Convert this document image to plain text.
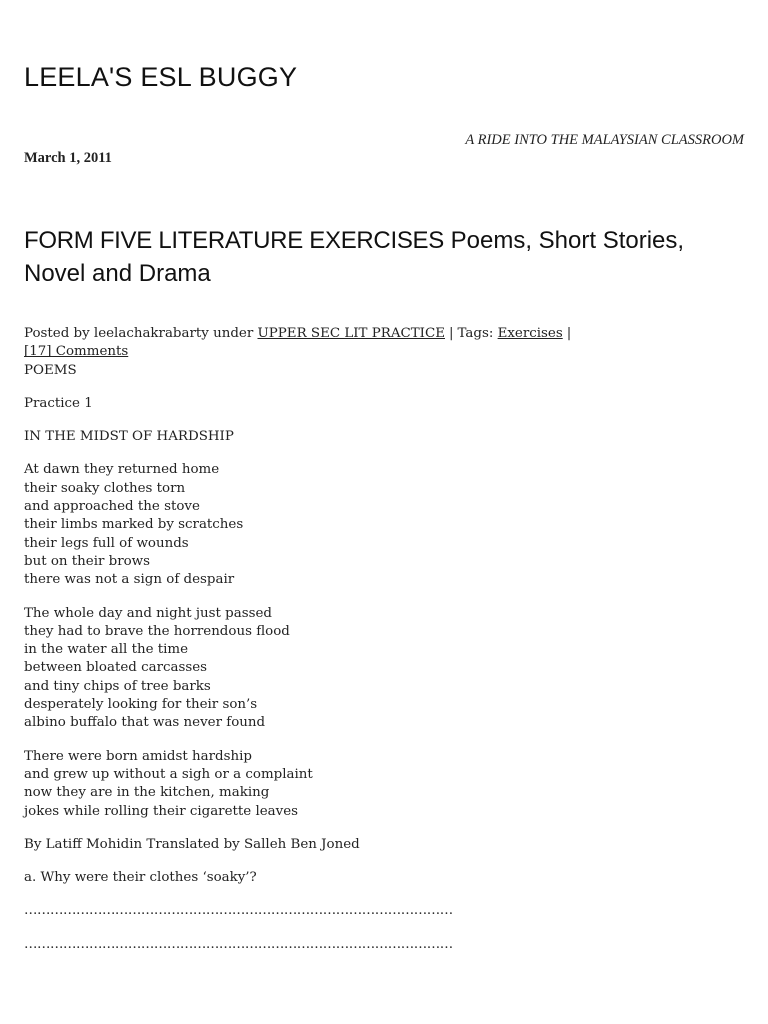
LEELA'S ESL BUGGY
A RIDE INTO THE MALAYSIAN CLASSROOM
March 1, 2011
FORM FIVE LITERATURE EXERCISES Poems, Short Stories, Novel and Drama
Posted by leelachakrabarty under UPPER SEC LIT PRACTICE | Tags: Exercises |
[17] Comments
POEMS
Practice 1
IN THE MIDST OF HARDSHIP
At dawn they returned home
their soaky clothes torn
and approached the stove
their limbs marked by scratches
their legs full of wounds
but on their brows
there was not a sign of despair
The whole day and night just passed
they had to brave the horrendous flood
in the water all the time
between bloated carcasses
and tiny chips of tree barks
desperately looking for their son’s
albino buffalo that was never found
There were born amidst hardship
and grew up without a sigh or a complaint
now they are in the kitchen, making
jokes while rolling their cigarette leaves
By Latiff Mohidin Translated by Salleh Ben Joned
a. Why were their clothes ‘soaky’?
………………………………………………………………………………………
………………………………………………………………………………………
